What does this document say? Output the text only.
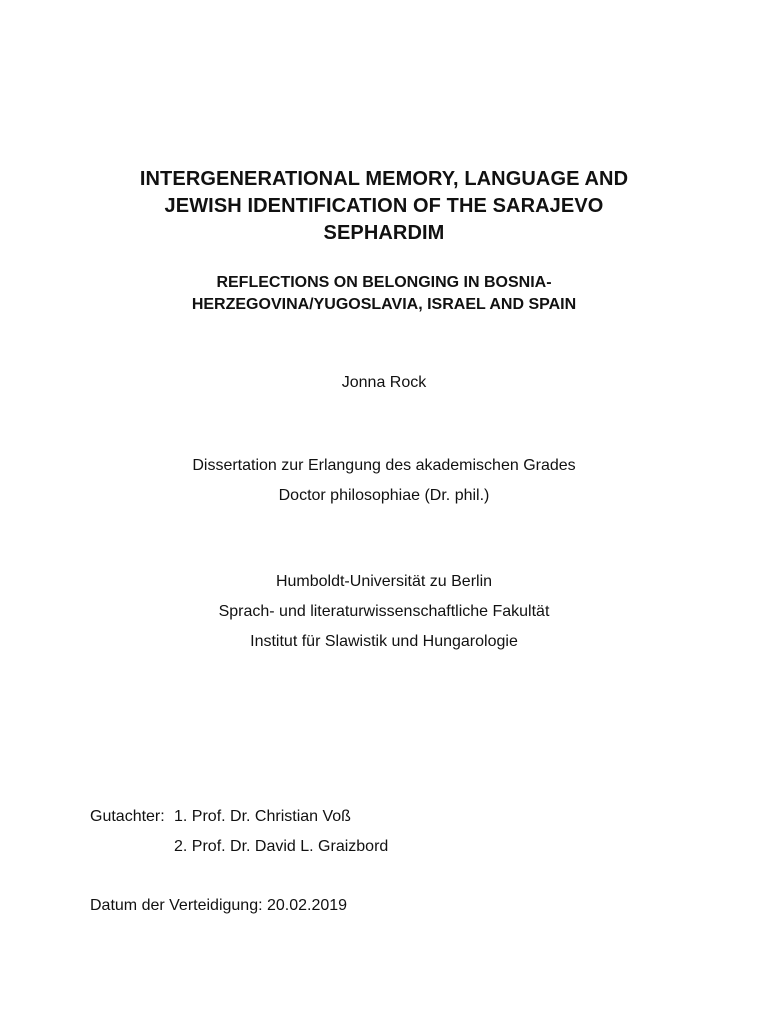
INTERGENERATIONAL MEMORY, LANGUAGE AND
JEWISH IDENTIFICATION OF THE SARAJEVO
SEPHARDIM
REFLECTIONS ON BELONGING IN BOSNIA-
HERZEGOVINA/YUGOSLAVIA, ISRAEL AND SPAIN
Jonna Rock
Dissertation zur Erlangung des akademischen Grades
Doctor philosophiae (Dr. phil.)
Humboldt-Universität zu Berlin
Sprach- und literaturwissenschaftliche Fakultät
Institut für Slawistik und Hungarologie
Gutachter: 1. Prof. Dr. Christian Voß
2. Prof. Dr. David L. Graizbord
Datum der Verteidigung: 20.02.2019
